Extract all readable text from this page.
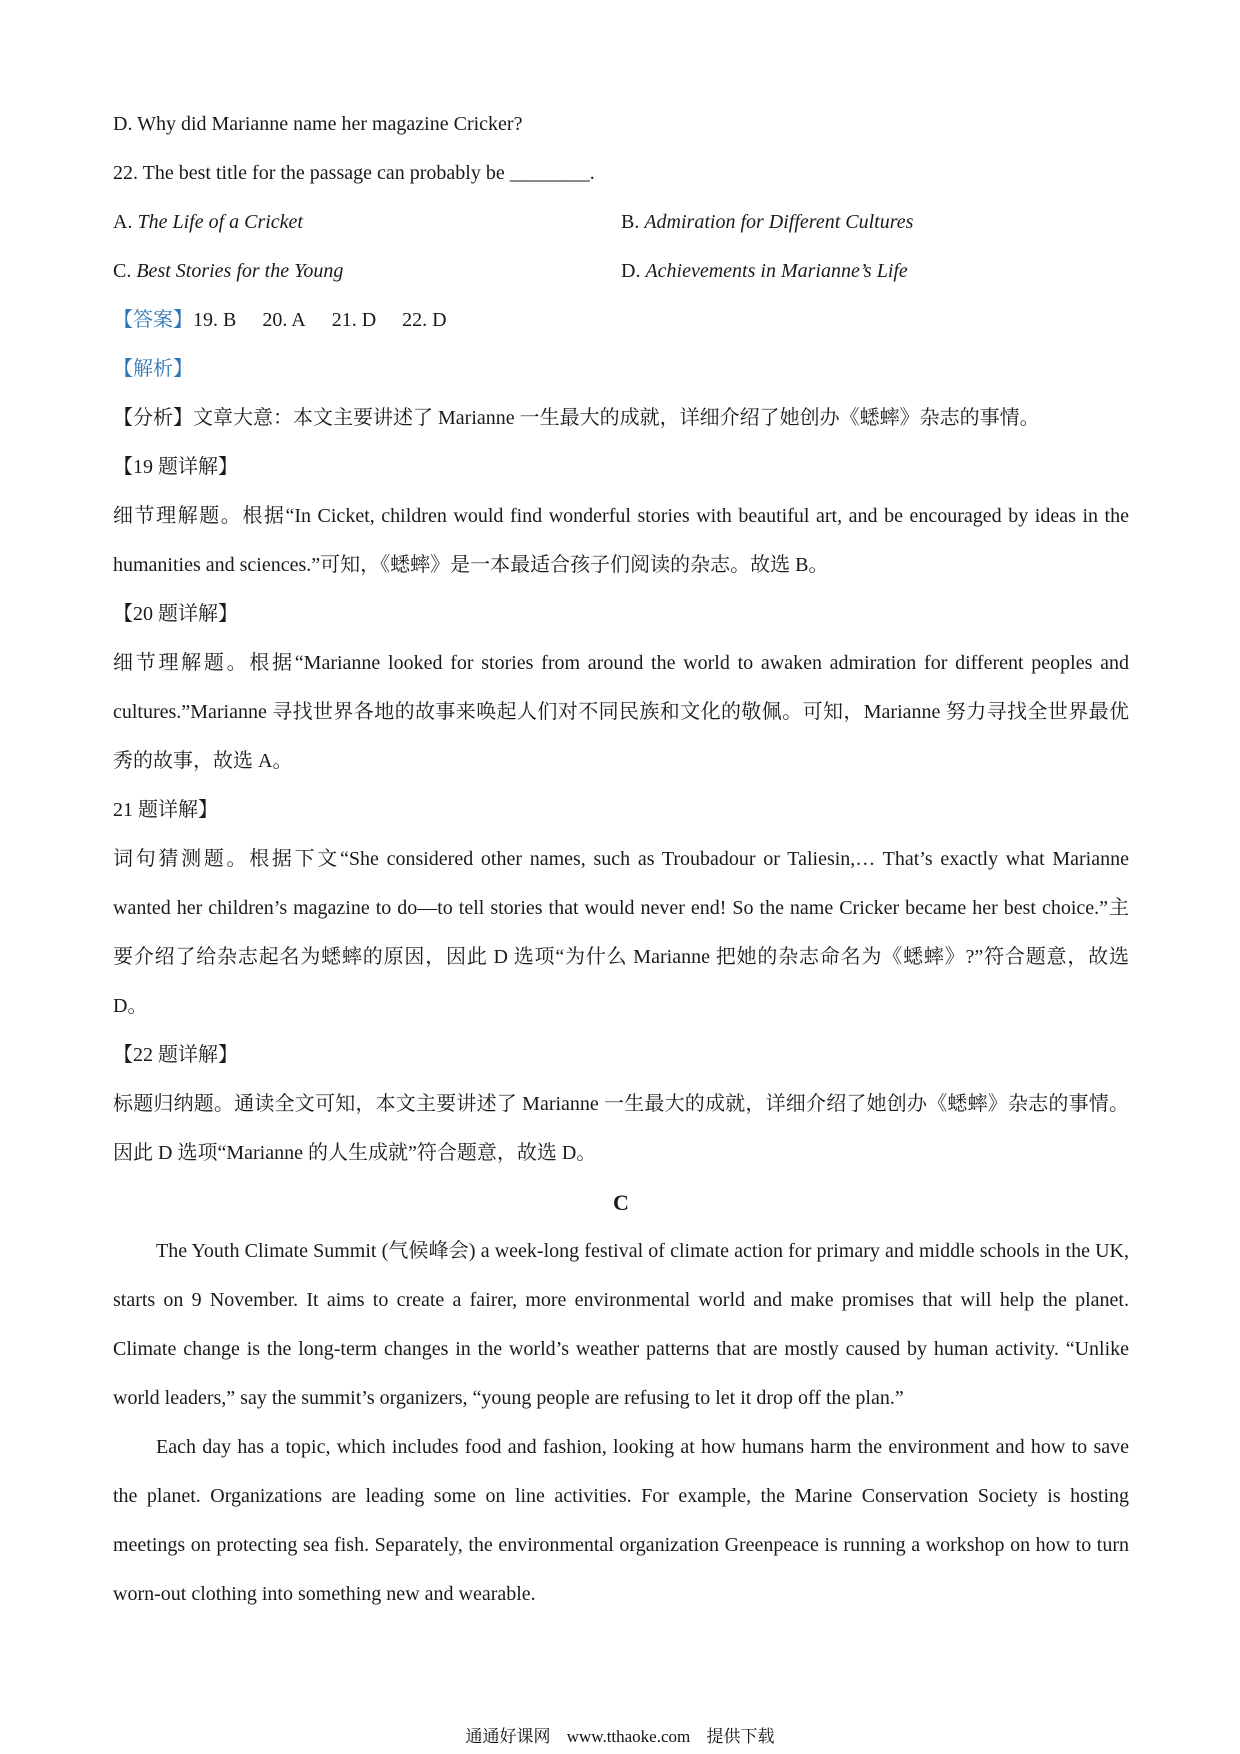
D. Why did Marianne name her magazine Cricker?
22. The best title for the passage can probably be ________.
A. The Life of a Cricket	B. Admiration for Different Cultures
C. Best Stories for the Young	D. Achievements in Marianne’s Life
【答案】19. B 20. A 21. D 22. D
【解析】
【分析】文章大意：本文主要讲述了 Marianne 一生最大的成就，详细介绍了她创办《蟋蟀》杂志的事情。
【19 题详解】

细节理解题。根据“In Cicket, children would find wonderful stories with beautiful art, and be encouraged by ideas in the humanities and sciences.”可知，《蟋蟀》是一本最适合孩子们阅读的杂志。故选 B。

【20 题详解】

细节理解题。根据“Marianne looked for stories from around the world to awaken admiration for different peoples and cultures.”Marianne 寻找世界各地的故事来唤起人们对不同民族和文化的敬佩。可知，Marianne 努力寻找全世界最优秀的故事，故选 A。

21 题详解】

词句猜测题。根据下文“She considered other names, such as Troubadour or Taliesin,… That’s exactly what Marianne wanted her children’s magazine to do—to tell stories that would never end! So the name Cricker became her best choice.”主要介绍了给杂志起名为蟋蟀的原因，因此 D 选项“为什么 Marianne 把她的杂志命名为《蟋蟀》?”符合题意，故选 D。

【22 题详解】

标题归纳题。通读全文可知，本文主要讲述了 Marianne 一生最大的成就，详细介绍了她创办《蟋蟀》杂志的事情。因此 D 选项“Marianne 的人生成就”符合题意，故选 D。

C

The Youth Climate Summit (气候峰会) a week-long festival of climate action for primary and middle schools in the UK, starts on 9 November. It aims to create a fairer, more environmental world and make promises that will help the planet. Climate change is the long-term changes in the world’s weather patterns that are mostly caused by human activity. “Unlike world leaders,” say the summit’s organizers, “young people are refusing to let it drop off the plan.”

Each day has a topic, which includes food and fashion, looking at how humans harm the environment and how to save the planet. Organizations are leading some on line activities. For example, the Marine Conservation Society is hosting meetings on protecting sea fish. Separately, the environmental organization Greenpeace is running a workshop on how to turn worn-out clothing into something new and wearable.

通通好课网 www.tthaoke.com 提供下载
